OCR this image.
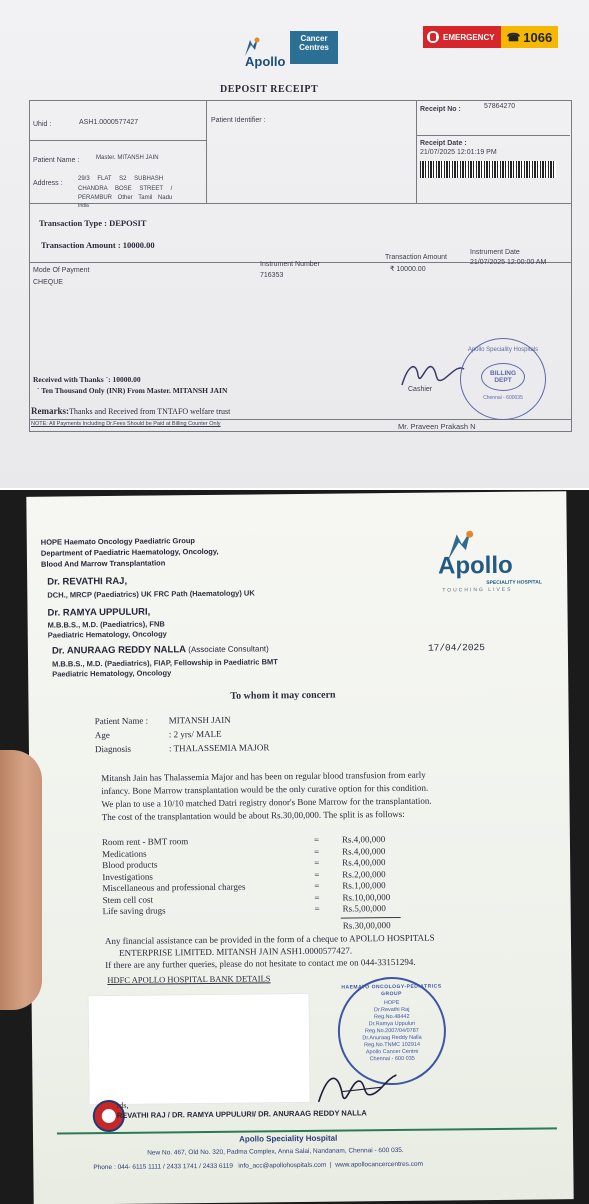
Apollo
Cancer Centres
EMERGENCY ☎ 1066
DEPOSIT RECEIPT
Uhid :	ASH1.0000577427	Patient Identifier :
Receipt No :	57864270
Patient Name :	Master. MITANSH JAIN
Receipt Date :
21/07/2025 12:01:19 PM
Address :
29/3 FLAT S2 SUBHASH
CHANDRA BOSE STREET /
PERAMBUR Other Tamil Nadu
India
Transaction Type : DEPOSIT
Transaction Amount : 10000.00
Mode Of Payment
CHEQUE
Instrument Number
716353
Transaction Amount
₹ 10000.00
Instrument Date
21/07/2025 12:00:00 AM
Received with Thanks `: 10000.00
` Ten Thousand Only (INR) From Master. MITANSH JAIN
Remarks:Thanks and Received from TNTAFO welfare trust
NOTE: All Payments Including Dr.Fees Should be Paid at Billing Counter Only
Cashier
Mr. Praveen Prakash N
Apollo Speciality Hospitals
BILLING DEPT
Chennai - 600035
HOPE Haemato Oncology Paediatric Group
Department of Paediatric Haematology, Oncology,
Blood And Marrow Transplantation
Dr. REVATHI RAJ,
DCH., MRCP (Paediatrics) UK FRC Path (Haematology) UK
Dr. RAMYA UPPULURI,
M.B.B.S., M.D. (Paediatrics), FNB
Paediatric Hematology, Oncology
Dr. ANURAAG REDDY NALLA (Associate Consultant)
M.B.B.S., M.D. (Paediatrics), FIAP, Fellowship in Paediatric BMT
Paediatric Hematology, Oncology
Apollo
SPECIALITY HOSPITAL
TOUCHING LIVES
17/04/2025
To whom it may concern
Patient Name : MITANSH JAIN
Age	: 2 yrs/ MALE
Diagnosis	: THALASSEMIA MAJOR
Mitansh Jain has Thalassemia Major and has been on regular blood transfusion from early
infancy. Bone Marrow transplantation would be the only curative option for this condition.
We plan to use a 10/10 matched Datri registry donor's Bone Marrow for the transplantation.
The cost of the transplantation would be about Rs.30,00,000. The split is as follows:
Room rent - BMT room	=	Rs.4,00,000
Medications	=	Rs.4,00,000
Blood products	=	Rs.4,00,000
Investigations	=	Rs.2,00,000
Miscellaneous and professional charges	=	Rs.1,00,000
Stem cell cost	=	Rs.10,00,000
Life saving drugs	=	Rs.5,00,000
Rs.30,00,000
Any financial assistance can be provided in the form of a cheque to APOLLO HOSPITALS
ENTERPRISE LIMITED. MITANSH JAIN ASH1.0000577427.
If there are any further queries, please do not hesitate to contact me on 044-33151294.
HDFC APOLLO HOSPITAL BANK DETAILS
HAEMATO ONCOLOGY-PEDIATRICS GROUP
HOPE
Dr.Revathi Raj
Reg.No.48442
Dr.Ramya Uppuluri
Reg.No.2007/04/0787
Dr.Anuraag Reddy Nalla
Reg.No.TNMC 102914
Apollo Cancer Centre
Chennai - 600 035
rds,
REVATHI RAJ / DR. RAMYA UPPULURI/ DR. ANURAAG REDDY NALLA
Apollo Speciality Hospital
New No. 467, Old No. 320, Padma Complex, Anna Salai, Nandanam, Chennai - 600 035.
Phone : 044- 6115 1111 / 2433 1741 / 2433 6119 info_acc@apollohospitals.com | www.apollocancercentres.com
